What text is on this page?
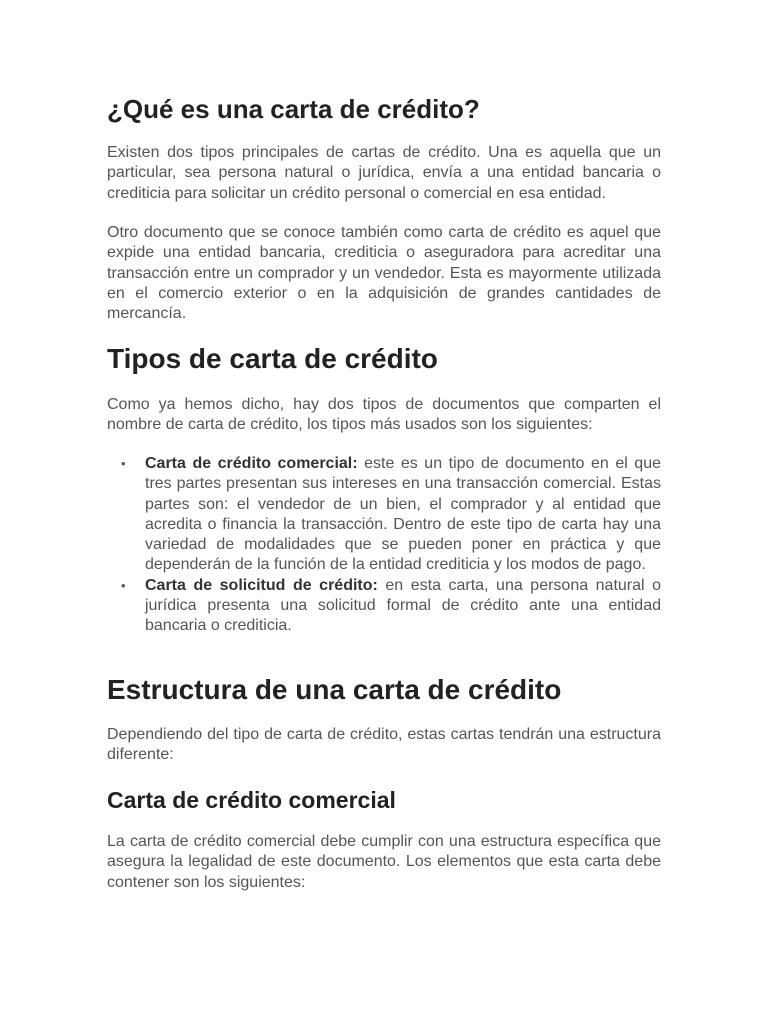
¿Qué es una carta de crédito?

Existen dos tipos principales de cartas de crédito. Una es aquella que un particular, sea persona natural o jurídica, envía a una entidad bancaria o crediticia para solicitar un crédito personal o comercial en esa entidad.

Otro documento que se conoce también como carta de crédito es aquel que expide una entidad bancaria, crediticia o aseguradora para acreditar una transacción entre un comprador y un vendedor. Esta es mayormente utilizada en el comercio exterior o en la adquisición de grandes cantidades de mercancía.

Tipos de carta de crédito

Como ya hemos dicho, hay dos tipos de documentos que comparten el nombre de carta de crédito, los tipos más usados son los siguientes:

• Carta de crédito comercial: este es un tipo de documento en el que tres partes presentan sus intereses en una transacción comercial. Estas partes son: el vendedor de un bien, el comprador y al entidad que acredita o financia la transacción. Dentro de este tipo de carta hay una variedad de modalidades que se pueden poner en práctica y que dependerán de la función de la entidad crediticia y los modos de pago.
• Carta de solicitud de crédito: en esta carta, una persona natural o jurídica presenta una solicitud formal de crédito ante una entidad bancaria o crediticia.
Estructura de una carta de crédito

Dependiendo del tipo de carta de crédito, estas cartas tendrán una estructura diferente:

Carta de crédito comercial

La carta de crédito comercial debe cumplir con una estructura específica que asegura la legalidad de este documento. Los elementos que esta carta debe contener son los siguientes:
